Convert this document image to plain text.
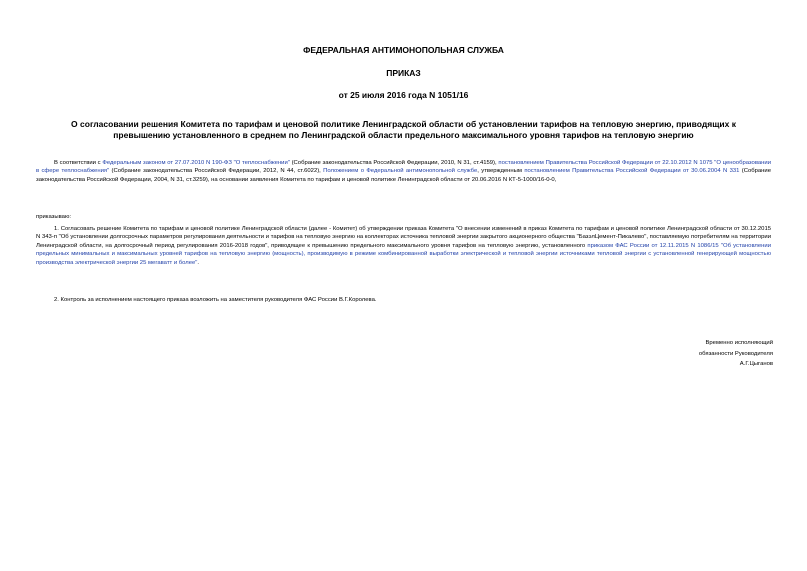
ФЕДЕРАЛЬНАЯ АНТИМОНОПОЛЬНАЯ СЛУЖБА
ПРИКАЗ
от 25 июля 2016 года N 1051/16
О согласовании решения Комитета по тарифам и ценовой политике Ленинградской области об установлении тарифов на тепловую энергию, приводящих к превышению установленного в среднем по Ленинградской области предельного максимального уровня тарифов на тепловую энергию
В соответствии с Федеральным законом от 27.07.2010 N 190-ФЗ "О теплоснабжении" (Собрание законодательства Российской Федерации, 2010, N 31, ст.4159), постановлением Правительства Российской Федерации от 22.10.2012 N 1075 "О ценообразовании в сфере теплоснабжения" (Собрание законодательства Российской Федерации, 2012, N 44, ст.6022), Положением о Федеральной антимонопольной службе, утвержденным постановлением Правительства Российской Федерации от 30.06.2004 N 331 (Собрание законодательства Российской Федерации, 2004, N 31, ст.3259), на основании заявления Комитета по тарифам и ценовой политике Ленинградской области от 20.06.2016 N КТ-5-1000/16-0-0,
приказываю:
1. Согласовать решение Комитета по тарифам и ценовой политике Ленинградской области (далее - Комитет) об утверждении приказа Комитета "О внесении изменений в приказ Комитета по тарифам и ценовой политике Ленинградской области от 30.12.2015 N 343-п "Об установлении долгосрочных параметров регулирования деятельности и тарифов на тепловую энергию на коллекторах источника тепловой энергии закрытого акционерного общества "БазэлЦемент-Пикалево", поставляемую потребителям на территории Ленинградской области, на долгосрочный период регулирования 2016-2018 годов", приводящее к превышению предельного максимального уровня тарифов на тепловую энергию, установленного приказом ФАС России от 12.11.2015 N 1086/15 "Об установлении предельных минимальных и максимальных уровней тарифов на тепловую энергию (мощность), производимую в режиме комбинированной выработки электрической и тепловой энергии источниками тепловой энергии с установленной генерирующей мощностью производства электрической энергии 25 мегаватт и более".
2. Контроль за исполнением настоящего приказа возложить на заместителя руководителя ФАС России В.Г.Королева.
Временно исполняющий
обязанности Руководителя
А.Г.Цыганов
